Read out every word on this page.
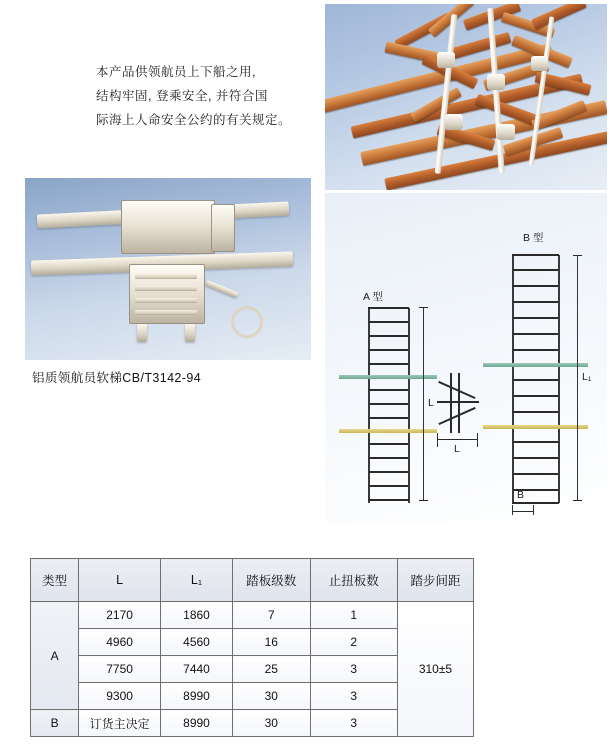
本产品供领航员上下船之用,
结构牢固, 登乘安全, 并符合国
际海上人命安全公约的有关规定。
铝质领航员软梯CB/T3142-94
A 型
B 型
L
L
L₁
B
类型	L	L₁	踏板级数	止扭板数	踏步间距
A	2170	1860	7	1	310±5
	4960	4560	16	2	
	7750	7440	25	3	
	9300	8990	30	3	
B	订货主决定	8990	30	3	
